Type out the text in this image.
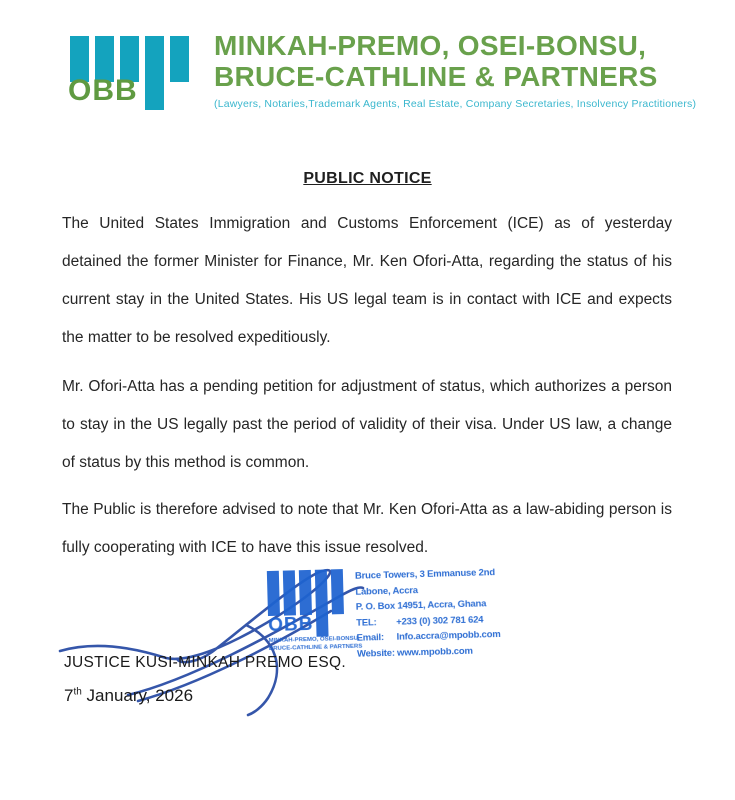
OBB
MINKAH-PREMO, OSEI-BONSU,
BRUCE-CATHLINE & PARTNERS
(Lawyers, Notaries,Trademark Agents, Real Estate, Company Secretaries, Insolvency Practitioners)
PUBLIC NOTICE

The United States Immigration and Customs Enforcement (ICE) as of yesterday detained the former Minister for Finance, Mr. Ken Ofori-Atta, regarding the status of his current stay in the United States. His US legal team is in contact with ICE and expects the matter to be resolved expeditiously.

Mr. Ofori-Atta has a pending petition for adjustment of status, which authorizes a person to stay in the US legally past the period of validity of their visa. Under US law, a change of status by this method is common.

The Public is therefore advised to note that Mr. Ken Ofori-Atta as a law-abiding person is fully cooperating with ICE to have this issue resolved.

OBB
MINKAH-PREMO, OSEI-BONSU,
BRUCE-CATHLINE & PARTNERS
Bruce Towers, 3 Emmanuse 2nd
Labone, Accra
P. O. Box 14951, Accra, Ghana
TEL:	+233 (0) 302 781 624
Email:	Info.accra@mpobb.com
Website: www.mpobb.com
JUSTICE KUSI-MINKAH PREMO ESQ.
7th January, 2026
